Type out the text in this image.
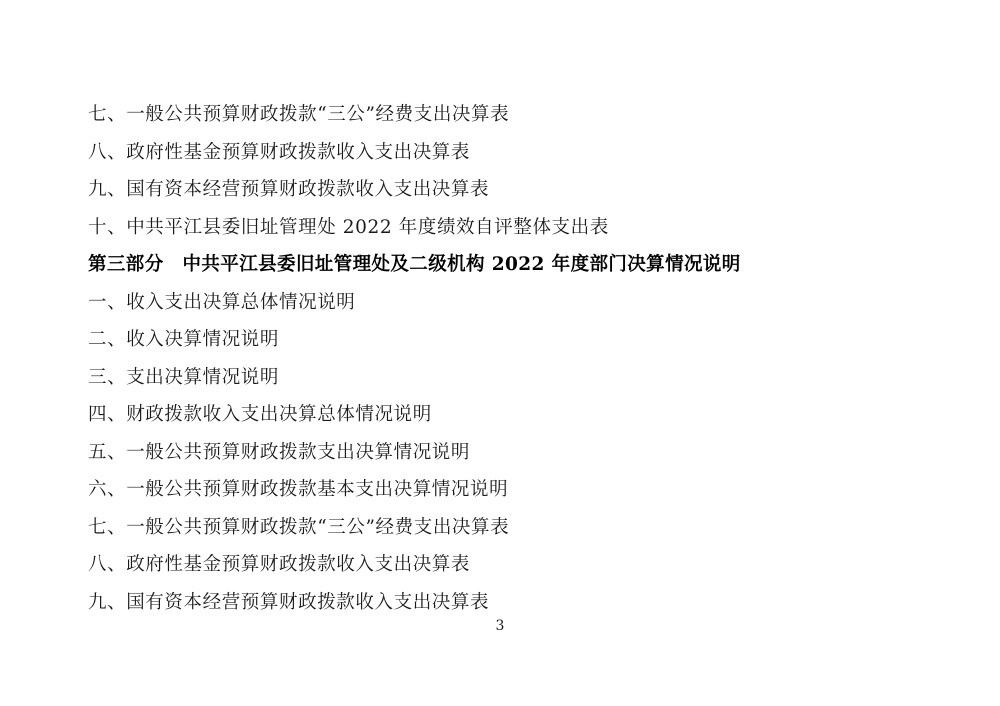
七、一般公共预算财政拨款“三公”经费支出决算表
八、政府性基金预算财政拨款收入支出决算表
九、国有资本经营预算财政拨款收入支出决算表
十、中共平江县委旧址管理处 2022 年度绩效自评整体支出表
第三部分　中共平江县委旧址管理处及二级机构 2022 年度部门决算情况说明
一、收入支出决算总体情况说明
二、收入决算情况说明
三、支出决算情况说明
四、财政拨款收入支出决算总体情况说明
五、一般公共预算财政拨款支出决算情况说明
六、一般公共预算财政拨款基本支出决算情况说明
七、一般公共预算财政拨款“三公”经费支出决算表
八、政府性基金预算财政拨款收入支出决算表
九、国有资本经营预算财政拨款收入支出决算表
3
